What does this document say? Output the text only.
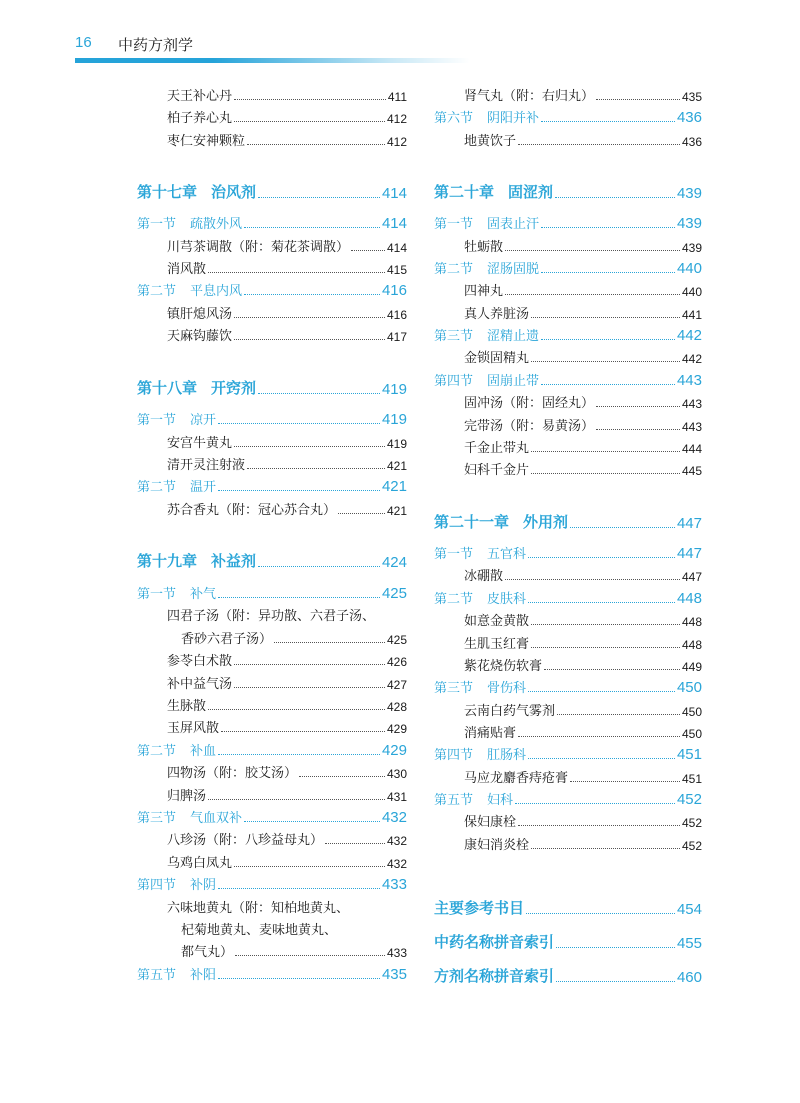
16 中药方剂学
天王补心丹	411
柏子养心丸	412
枣仁安神颗粒	412
第十七章 治风剂	414
第一节 疏散外风	414
川芎茶调散（附：菊花茶调散）	414
消风散	415
第二节 平息内风	416
镇肝熄风汤	416
天麻钩藤饮	417
第十八章 开窍剂	419
第一节 凉开	419
安宫牛黄丸	419
清开灵注射液	421
第二节 温开	421
苏合香丸（附：冠心苏合丸）	421
第十九章 补益剂	424
第一节 补气	425
四君子汤（附：异功散、六君子汤、
香砂六君子汤）	425
参苓白术散	426
补中益气汤	427
生脉散	428
玉屏风散	429
第二节 补血	429
四物汤（附：胶艾汤）	430
归脾汤	431
第三节 气血双补	432
八珍汤（附：八珍益母丸）	432
乌鸡白凤丸	432
第四节 补阴	433
六味地黄丸（附：知柏地黄丸、
杞菊地黄丸、麦味地黄丸、
都气丸）	433
第五节 补阳	435
肾气丸（附：右归丸）	435
第六节 阴阳并补	436
地黄饮子	436
第二十章 固涩剂	439
第一节 固表止汗	439
牡蛎散	439
第二节 涩肠固脱	440
四神丸	440
真人养脏汤	441
第三节 涩精止遗	442
金锁固精丸	442
第四节 固崩止带	443
固冲汤（附：固经丸）	443
完带汤（附：易黄汤）	443
千金止带丸	444
妇科千金片	445
第二十一章 外用剂	447
第一节 五官科	447
冰硼散	447
第二节 皮肤科	448
如意金黄散	448
生肌玉红膏	448
紫花烧伤软膏	449
第三节 骨伤科	450
云南白药气雾剂	450
消痛贴膏	450
第四节 肛肠科	451
马应龙麝香痔疮膏	451
第五节 妇科	452
保妇康栓	452
康妇消炎栓	452
主要参考书目	454
中药名称拼音索引	455
方剂名称拼音索引	460
